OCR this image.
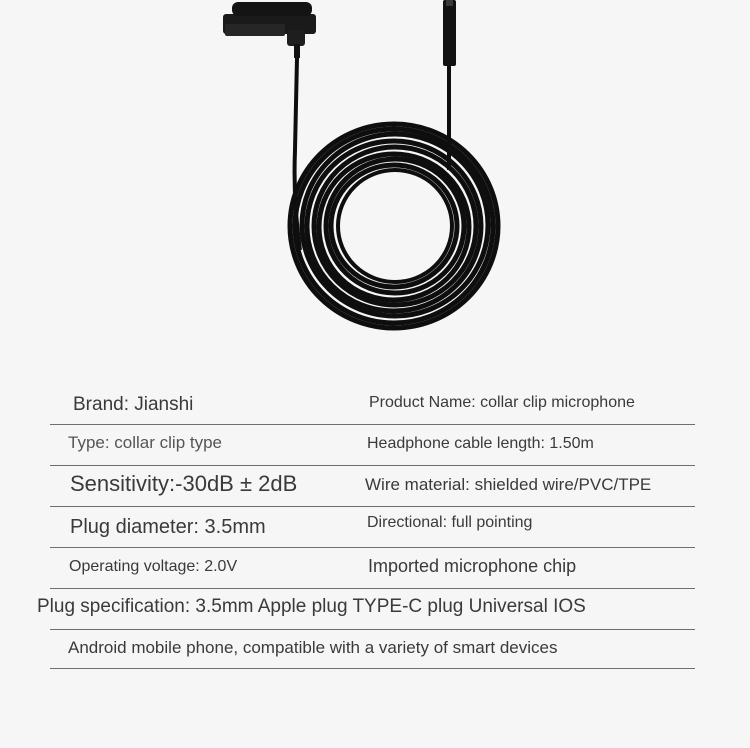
Brand: Jianshi	Product Name: collar clip microphone
Type: collar clip type	Headphone cable length: 1.50m
Sensitivity:-30dB ± 2dB	Wire material: shielded wire/PVC/TPE
Plug diameter: 3.5mm	Directional: full pointing
Operating voltage: 2.0V	Imported microphone chip
Plug specification: 3.5mm Apple plug TYPE-C plug Universal IOS
Android mobile phone, compatible with a variety of smart devices
